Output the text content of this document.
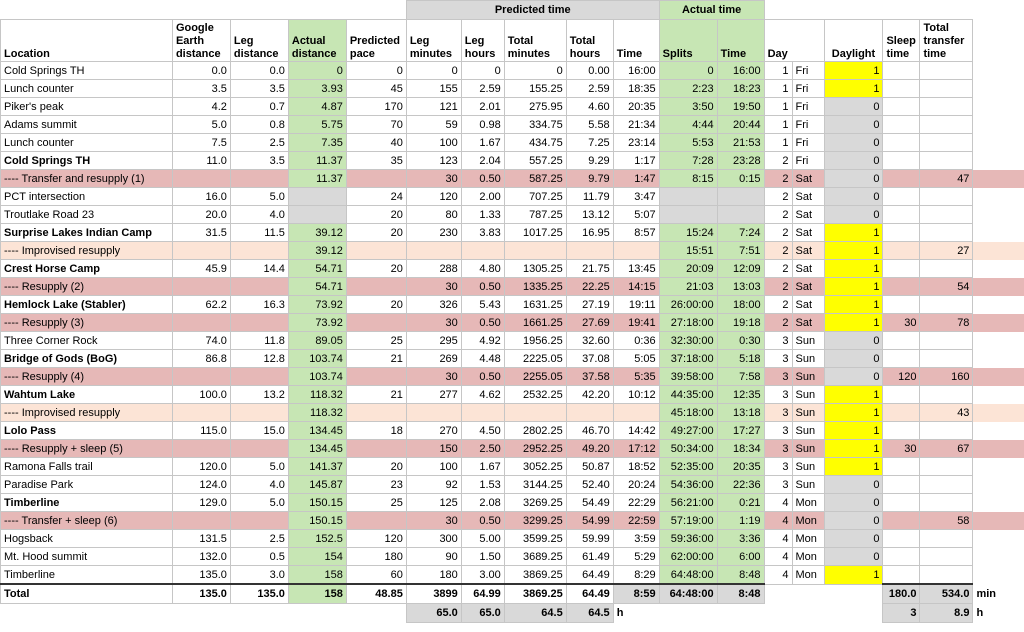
					Predicted time					Actual time							
Location	Google Earth distance	Leg distance	Actual distance	Predicted pace	Leg minutes	Leg hours	Total minutes	Total hours	Time	Splits	Time	Day		Daylight	Sleep time	Total transfer time	
Cold Springs TH	0.0	0.0	0	0	0	0	0	0.00	16:00	0	16:00	1	Fri	1			
Lunch counter	3.5	3.5	3.93	45	155	2.59	155.25	2.59	18:35	2:23	18:23	1	Fri	1			
Piker's peak	4.2	0.7	4.87	170	121	2.01	275.95	4.60	20:35	3:50	19:50	1	Fri	0			
Adams summit	5.0	0.8	5.75	70	59	0.98	334.75	5.58	21:34	4:44	20:44	1	Fri	0			
Lunch counter	7.5	2.5	7.35	40	100	1.67	434.75	7.25	23:14	5:53	21:53	1	Fri	0			
Cold Springs TH	11.0	3.5	11.37	35	123	2.04	557.25	9.29	1:17	7:28	23:28	2	Fri	0			
---- Transfer and resupply (1)			11.37		30	0.50	587.25	9.79	1:47	8:15	0:15	2	Sat	0		47	
PCT intersection	16.0	5.0		24	120	2.00	707.25	11.79	3:47			2	Sat	0			
Troutlake Road 23	20.0	4.0		20	80	1.33	787.25	13.12	5:07			2	Sat	0			
Surprise Lakes Indian Camp	31.5	11.5	39.12	20	230	3.83	1017.25	16.95	8:57	15:24	7:24	2	Sat	1			
---- Improvised resupply			39.12							15:51	7:51	2	Sat	1		27	
Crest Horse Camp	45.9	14.4	54.71	20	288	4.80	1305.25	21.75	13:45	20:09	12:09	2	Sat	1			
---- Resupply (2)			54.71		30	0.50	1335.25	22.25	14:15	21:03	13:03	2	Sat	1		54	
Hemlock Lake (Stabler)	62.2	16.3	73.92	20	326	5.43	1631.25	27.19	19:11	26:00:00	18:00	2	Sat	1			
---- Resupply (3)			73.92		30	0.50	1661.25	27.69	19:41	27:18:00	19:18	2	Sat	1	30	78	
Three Corner Rock	74.0	11.8	89.05	25	295	4.92	1956.25	32.60	0:36	32:30:00	0:30	3	Sun	0			
Bridge of Gods (BoG)	86.8	12.8	103.74	21	269	4.48	2225.05	37.08	5:05	37:18:00	5:18	3	Sun	0			
---- Resupply (4)			103.74		30	0.50	2255.05	37.58	5:35	39:58:00	7:58	3	Sun	0	120	160	
Wahtum Lake	100.0	13.2	118.32	21	277	4.62	2532.25	42.20	10:12	44:35:00	12:35	3	Sun	1			
---- Improvised resupply			118.32							45:18:00	13:18	3	Sun	1		43	
Lolo Pass	115.0	15.0	134.45	18	270	4.50	2802.25	46.70	14:42	49:27:00	17:27	3	Sun	1			
---- Resupply + sleep (5)			134.45		150	2.50	2952.25	49.20	17:12	50:34:00	18:34	3	Sun	1	30	67	
Ramona Falls trail	120.0	5.0	141.37	20	100	1.67	3052.25	50.87	18:52	52:35:00	20:35	3	Sun	1			
Paradise Park	124.0	4.0	145.87	23	92	1.53	3144.25	52.40	20:24	54:36:00	22:36	3	Sun	0			
Timberline	129.0	5.0	150.15	25	125	2.08	3269.25	54.49	22:29	56:21:00	0:21	4	Mon	0			
---- Transfer + sleep (6)			150.15		30	0.50	3299.25	54.99	22:59	57:19:00	1:19	4	Mon	0		58	
Hogsback	131.5	2.5	152.5	120	300	5.00	3599.25	59.99	3:59	59:36:00	3:36	4	Mon	0			
Mt. Hood summit	132.0	0.5	154	180	90	1.50	3689.25	61.49	5:29	62:00:00	6:00	4	Mon	0			
Timberline	135.0	3.0	158	60	180	3.00	3869.25	64.49	8:29	64:48:00	8:48	4	Mon	1			
Total	135.0	135.0	158	48.85	3899	64.99	3869.25	64.49	8:59	64:48:00	8:48				180.0	534.0	min
					65.0	65.0	64.5	64.5	h						3	8.9	h
